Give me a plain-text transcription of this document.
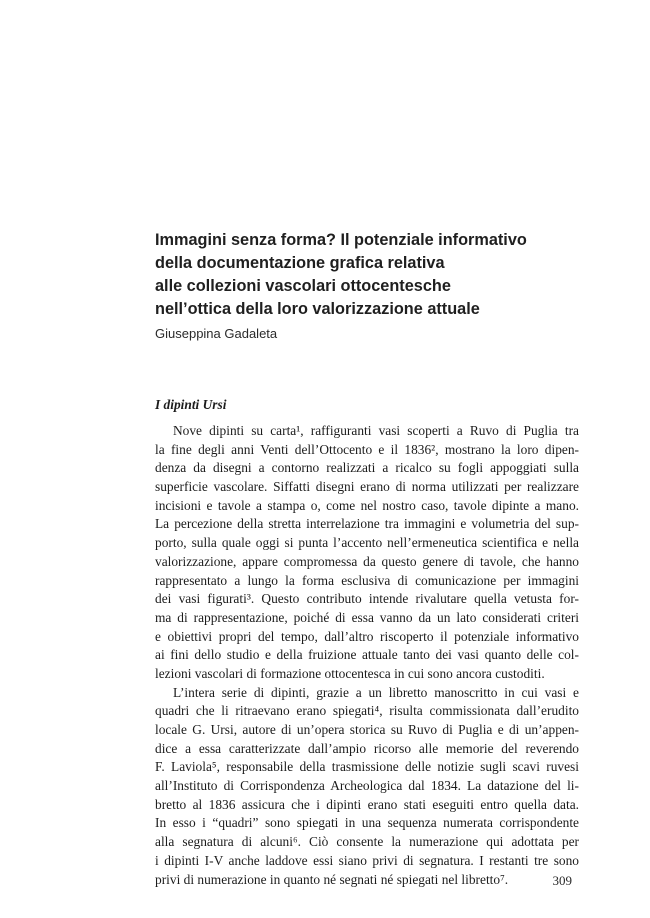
Immagini senza forma? Il potenziale informativo
della documentazione grafica relativa
alle collezioni vascolari ottocentesche
nell’ottica della loro valorizzazione attuale

Giuseppina Gadaleta

I dipinti Ursi
Nove dipinti su carta¹, raffiguranti vasi scoperti a Ruvo di Puglia tra
la fine degli anni Venti dell’Ottocento e il 1836², mostrano la loro dipen-
denza da disegni a contorno realizzati a ricalco su fogli appoggiati sulla
superficie vascolare. Siffatti disegni erano di norma utilizzati per realizzare
incisioni e tavole a stampa o, come nel nostro caso, tavole dipinte a mano.
La percezione della stretta interrelazione tra immagini e volumetria del sup-
porto, sulla quale oggi si punta l’accento nell’ermeneutica scientifica e nella
valorizzazione, appare compromessa da questo genere di tavole, che hanno
rappresentato a lungo la forma esclusiva di comunicazione per immagini
dei vasi figurati³. Questo contributo intende rivalutare quella vetusta for-
ma di rappresentazione, poiché di essa vanno da un lato considerati criteri
e obiettivi propri del tempo, dall’altro riscoperto il potenziale informativo
ai fini dello studio e della fruizione attuale tanto dei vasi quanto delle col-
lezioni vascolari di formazione ottocentesca in cui sono ancora custoditi.
L’intera serie di dipinti, grazie a un libretto manoscritto in cui vasi e
quadri che li ritraevano erano spiegati⁴, risulta commissionata dall’erudito
locale G. Ursi, autore di un’opera storica su Ruvo di Puglia e di un’appen-
dice a essa caratterizzate dall’ampio ricorso alle memorie del reverendo
F. Laviola⁵, responsabile della trasmissione delle notizie sugli scavi ruvesi
all’Instituto di Corrispondenza Archeologica dal 1834. La datazione del li-
bretto al 1836 assicura che i dipinti erano stati eseguiti entro quella data.
In esso i “quadri” sono spiegati in una sequenza numerata corrispondente
alla segnatura di alcuni⁶. Ciò consente la numerazione qui adottata per
i dipinti I-V anche laddove essi siano privi di segnatura. I restanti tre sono
privi di numerazione in quanto né segnati né spiegati nel libretto⁷.	309
